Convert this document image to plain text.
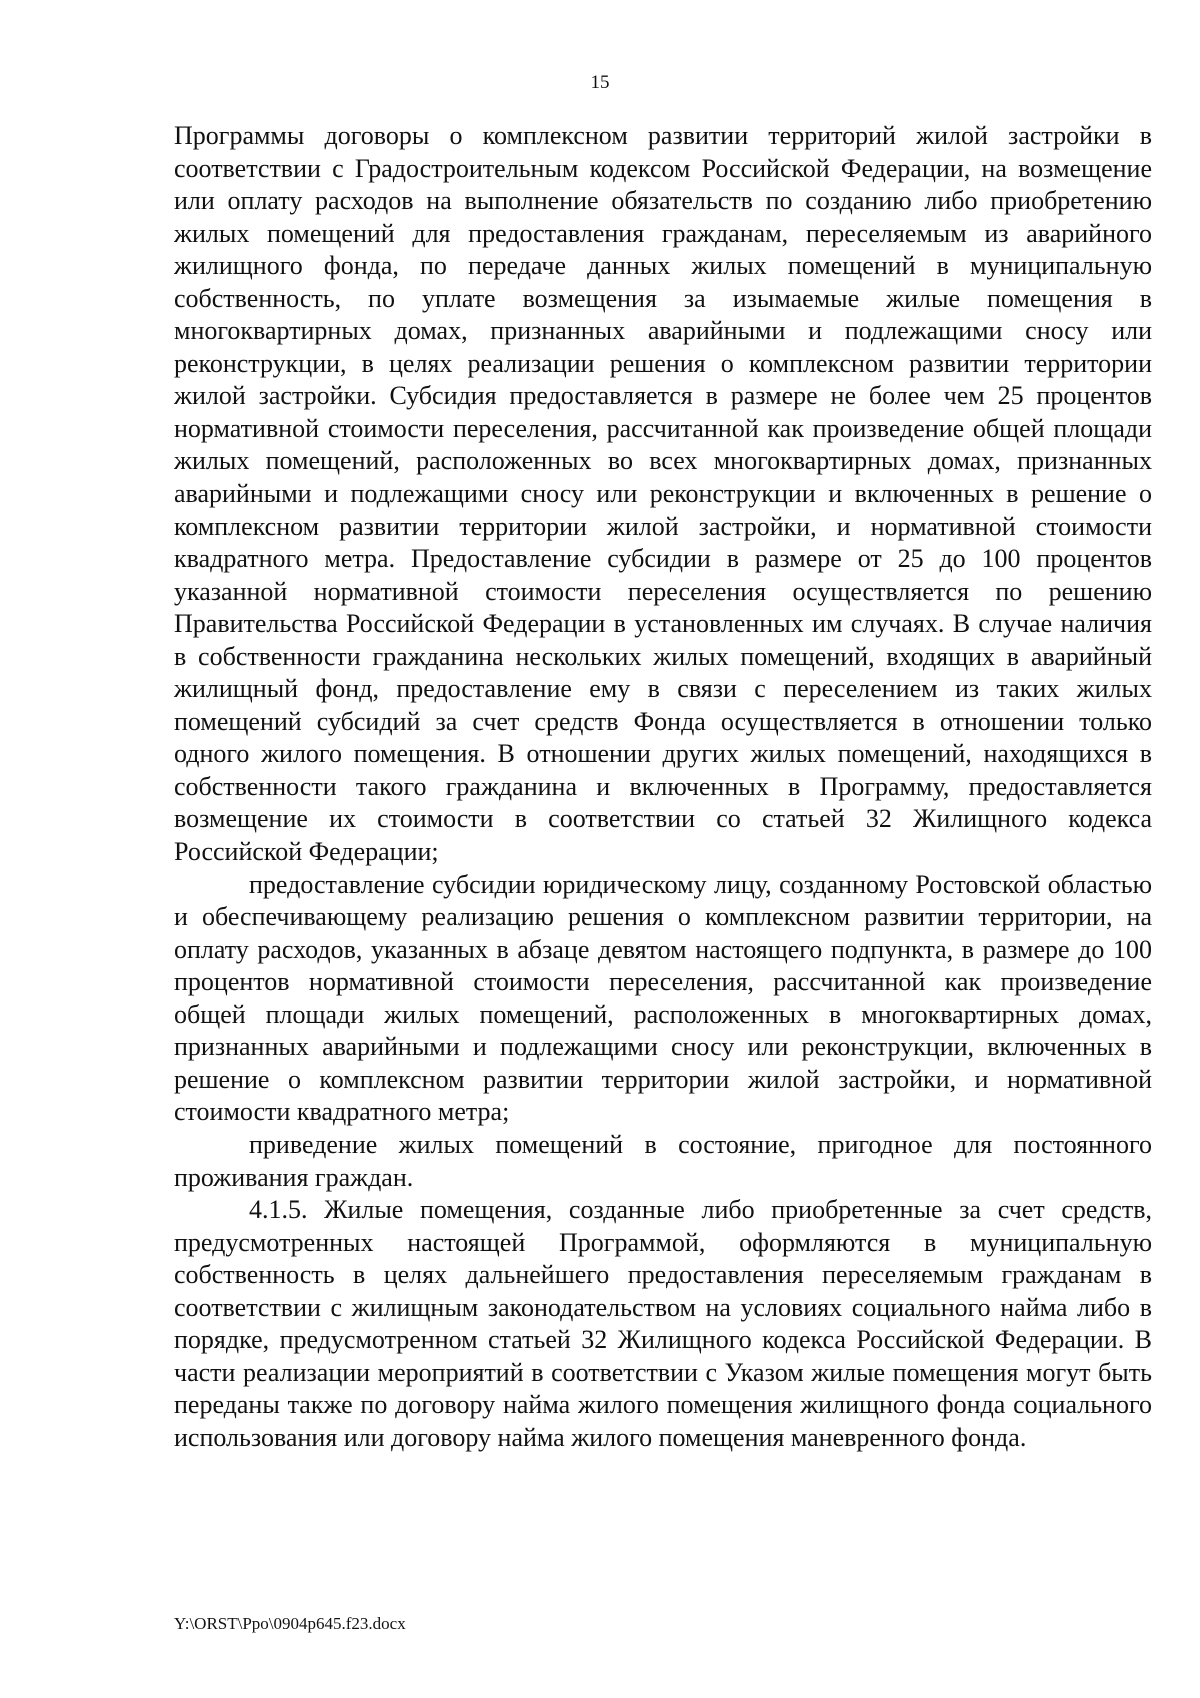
15

Программы договоры о комплексном развитии территорий жилой застройки в соответствии с Градостроительным кодексом Российской Федерации, на возмещение или оплату расходов на выполнение обязательств по созданию либо приобретению жилых помещений для предоставления гражданам, переселяемым из аварийного жилищного фонда, по передаче данных жилых помещений в муниципальную собственность, по уплате возмещения за изымаемые жилые помещения в многоквартирных домах, признанных аварийными и подлежащими сносу или реконструкции, в целях реализации решения о комплексном развитии территории жилой застройки. Субсидия предоставляется в размере не более чем 25 процентов нормативной стоимости переселения, рассчитанной как произведение общей площади жилых помещений, расположенных во всех многоквартирных домах, признанных аварийными и подлежащими сносу или реконструкции и включенных в решение о комплексном развитии территории жилой застройки, и нормативной стоимости квадратного метра. Предоставление субсидии в размере от 25 до 100 процентов указанной нормативной стоимости переселения осуществляется по решению Правительства Российской Федерации в установленных им случаях. В случае наличия в собственности гражданина нескольких жилых помещений, входящих в аварийный жилищный фонд, предоставление ему в связи с переселением из таких жилых помещений субсидий за счет средств Фонда осуществляется в отношении только одного жилого помещения. В отношении других жилых помещений, находящихся в собственности такого гражданина и включенных в Программу, предоставляется возмещение их стоимости в соответствии со статьей 32 Жилищного кодекса Российской Федерации;

предоставление субсидии юридическому лицу, созданному Ростовской областью и обеспечивающему реализацию решения о комплексном развитии территории, на оплату расходов, указанных в абзаце девятом настоящего подпункта, в размере до 100 процентов нормативной стоимости переселения, рассчитанной как произведение общей площади жилых помещений, расположенных в многоквартирных домах, признанных аварийными и подлежащими сносу или реконструкции, включенных в решение о комплексном развитии территории жилой застройки, и нормативной стоимости квадратного метра;

приведение жилых помещений в состояние, пригодное для постоянного проживания граждан.

4.1.5. Жилые помещения, созданные либо приобретенные за счет средств, предусмотренных настоящей Программой, оформляются в муниципальную собственность в целях дальнейшего предоставления переселяемым гражданам в соответствии с жилищным законодательством на условиях социального найма либо в порядке, предусмотренном статьей 32 Жилищного кодекса Российской Федерации. В части реализации мероприятий в соответствии с Указом жилые помещения могут быть переданы также по договору найма жилого помещения жилищного фонда социального использования или договору найма жилого помещения маневренного фонда.

Y:\ORST\Ppo\0904p645.f23.docx
